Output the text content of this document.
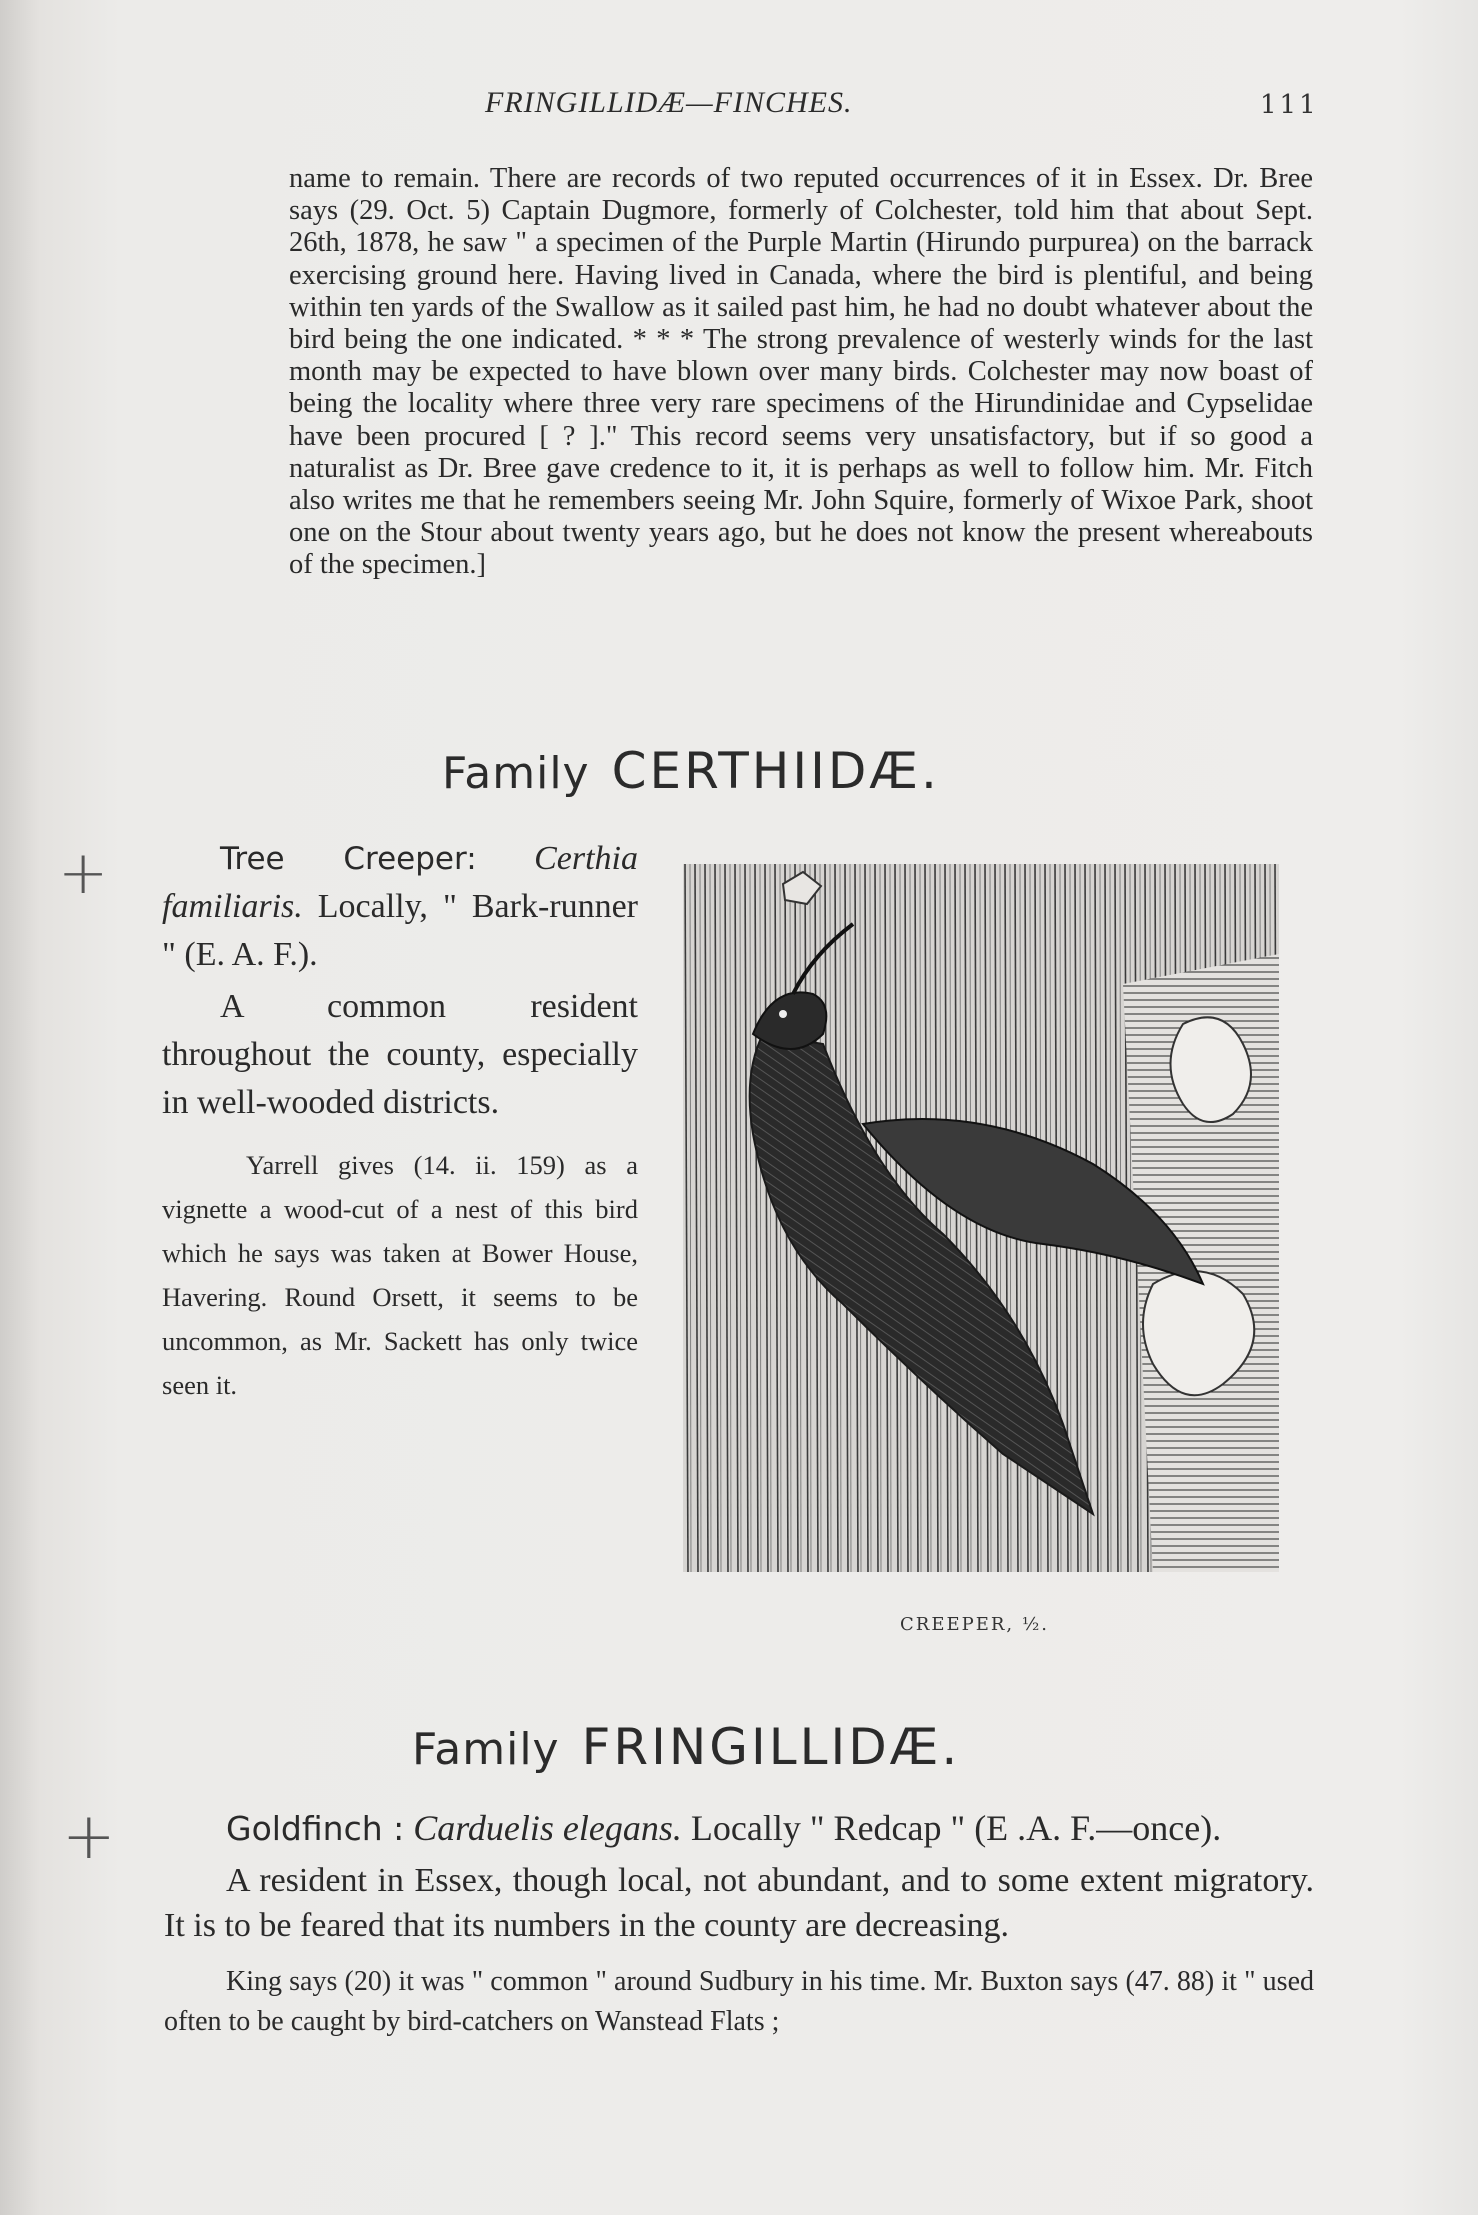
FRINGILLIDÆ—FINCHES.	111

name to remain. There are records of two reputed occurrences of it in Essex. Dr. Bree says (29. Oct. 5) Captain Dugmore, formerly of Colchester, told him that about Sept. 26th, 1878, he saw " a specimen of the Purple Martin (Hirundo purpurea) on the barrack exercising ground here. Having lived in Canada, where the bird is plentiful, and being within ten yards of the Swallow as it sailed past him, he had no doubt whatever about the bird being the one indicated. * * * The strong prevalence of westerly winds for the last month may be expected to have blown over many birds. Colchester may now boast of being the locality where three very rare specimens of the Hirundinidae and Cypselidae have been procured [ ? ]." This record seems very unsatisfactory, but if so good a naturalist as Dr. Bree gave credence to it, it is perhaps as well to follow him. Mr. Fitch also writes me that he remembers seeing Mr. John Squire, formerly of Wixoe Park, shoot one on the Stour about twenty years ago, but he does not know the present whereabouts of the specimen.]

Family CERTHIIDÆ.
+	Tree Creeper: Certhia familiaris. Locally, " Bark-runner " (E. A. F.).

A common resident throughout the county, especially in well-wooded districts.

Yarrell gives (14. ii. 159) as a vignette a wood-cut of a nest of this bird which he says was taken at Bower House, Havering. Round Orsett, it seems to be uncommon, as Mr. Sackett has only twice seen it.

CREEPER, ½.
Family FRINGILLIDÆ.
+	Goldfinch : Carduelis elegans. Locally " Redcap " (E .A. F.—once).

A resident in Essex, though local, not abundant, and to some extent migratory. It is to be feared that its numbers in the county are decreasing.

King says (20) it was " common " around Sudbury in his time. Mr. Buxton says (47. 88) it " used often to be caught by bird-catchers on Wanstead Flats ;
